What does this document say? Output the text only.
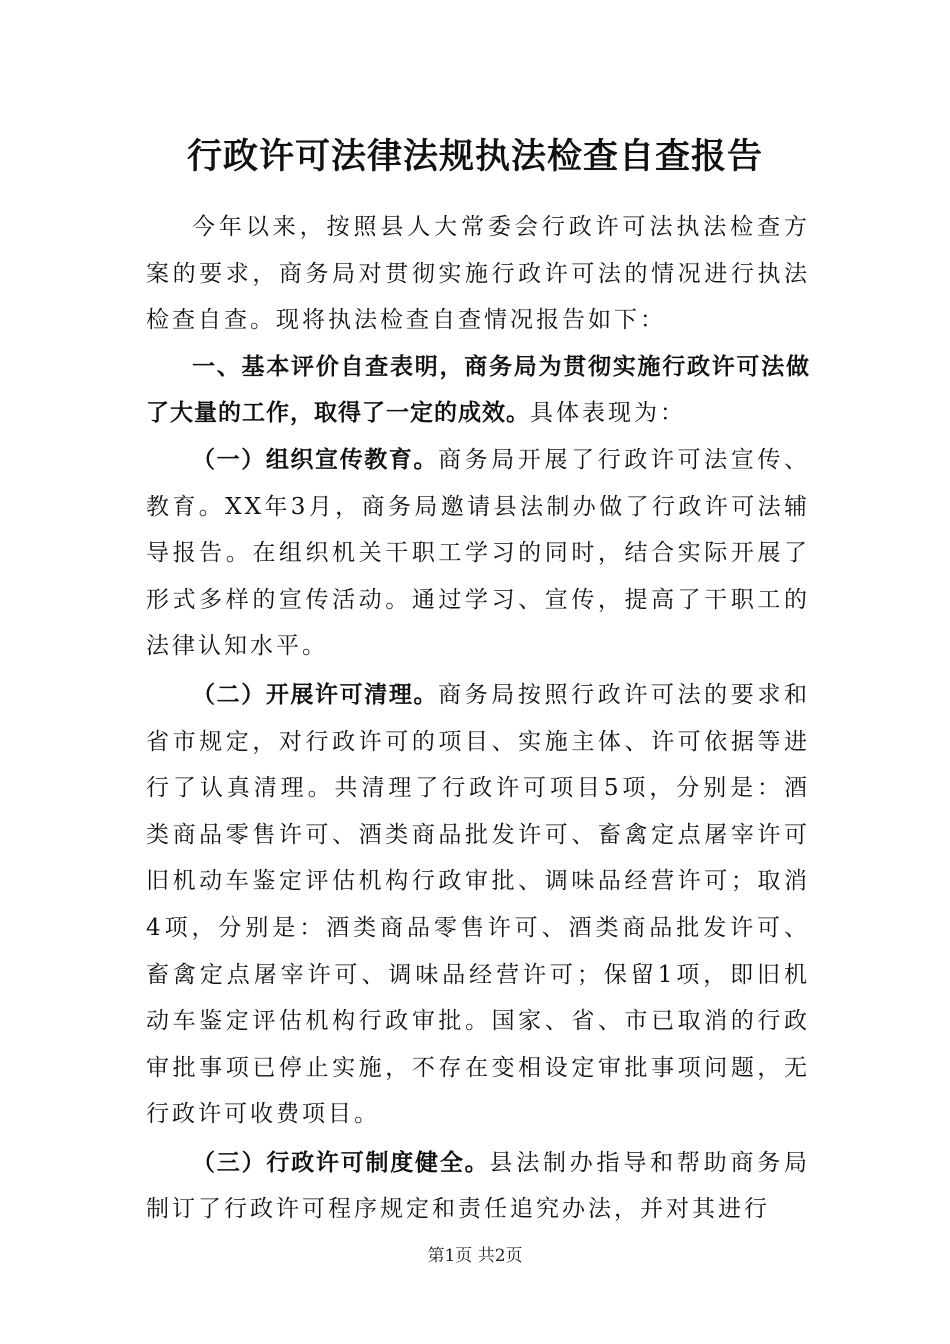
行政许可法律法规执法检查自查报告

今年以来，按照县人大常委会行政许可法执法检查方案的要求，商务局对贯彻实施行政许可法的情况进行执法检查自查。现将执法检查自查情况报告如下：

一、基本评价自查表明，商务局为贯彻实施行政许可法做了大量的工作，取得了一定的成效。具体表现为：

（一）组织宣传教育。商务局开展了行政许可法宣传、教育。XX年3月，商务局邀请县法制办做了行政许可法辅导报告。在组织机关干职工学习的同时，结合实际开展了形式多样的宣传活动。通过学习、宣传，提高了干职工的法律认知水平。

（二）开展许可清理。商务局按照行政许可法的要求和省市规定，对行政许可的项目、实施主体、许可依据等进行了认真清理。共清理了行政许可项目5项，分别是：酒类商品零售许可、酒类商品批发许可、畜禽定点屠宰许可旧机动车鉴定评估机构行政审批、调味品经营许可；取消4项，分别是：酒类商品零售许可、酒类商品批发许可、畜禽定点屠宰许可、调味品经营许可；保留1项，即旧机动车鉴定评估机构行政审批。国家、省、市已取消的行政审批事项已停止实施，不存在变相设定审批事项问题，无行政许可收费项目。

（三）行政许可制度健全。县法制办指导和帮助商务局制订了行政许可程序规定和责任追究办法，并对其进行

第1页 共2页
